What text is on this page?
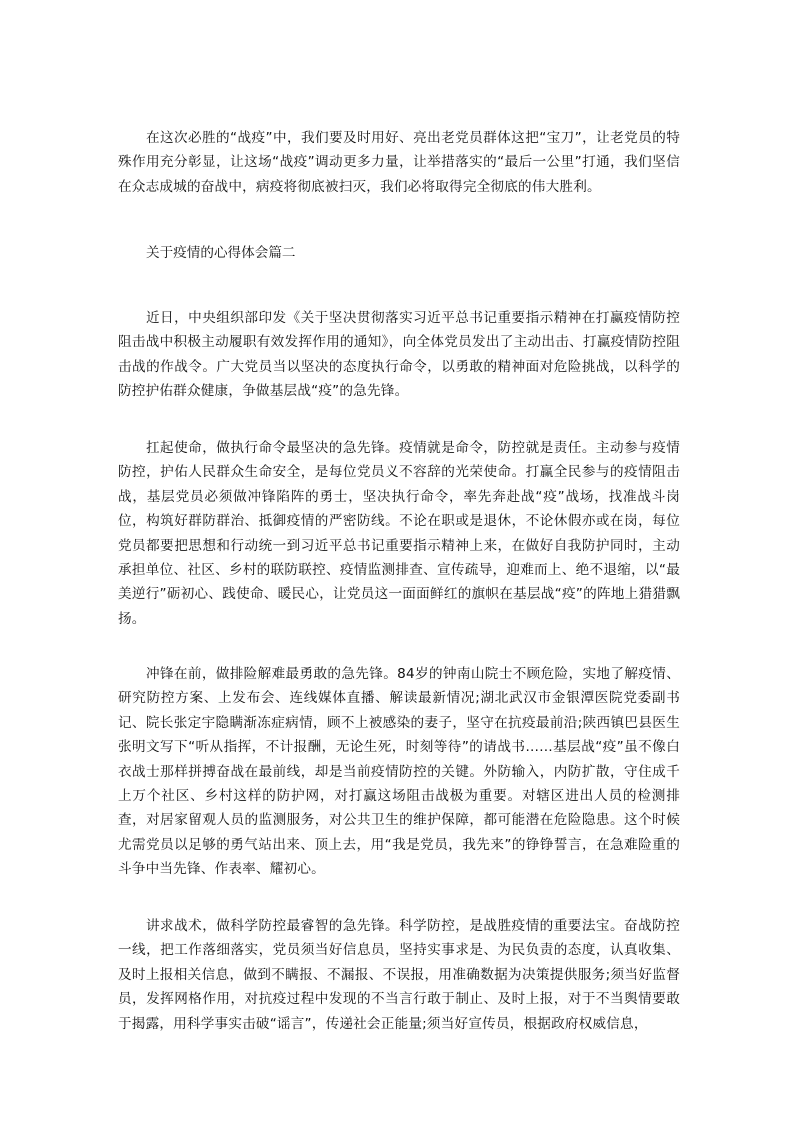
在这次必胜的“战疫”中，我们要及时用好、亮出老党员群体这把“宝刀”，让老党员的特殊作用充分彰显，让这场“战疫”调动更多力量，让举措落实的“最后一公里”打通，我们坚信在众志成城的奋战中，病疫将彻底被扫灭，我们必将取得完全彻底的伟大胜利。

关于疫情的心得体会篇二

近日，中央组织部印发《关于坚决贯彻落实习近平总书记重要指示精神在打赢疫情防控阻击战中积极主动履职有效发挥作用的通知》，向全体党员发出了主动出击、打赢疫情防控阻击战的作战令。广大党员当以坚决的态度执行命令，以勇敢的精神面对危险挑战，以科学的防控护佑群众健康，争做基层战“疫”的急先锋。

扛起使命，做执行命令最坚决的急先锋。疫情就是命令，防控就是责任。主动参与疫情防控，护佑人民群众生命安全，是每位党员义不容辞的光荣使命。打赢全民参与的疫情阻击战，基层党员必须做冲锋陷阵的勇士，坚决执行命令，率先奔赴战“疫”战场，找准战斗岗位，构筑好群防群治、抵御疫情的严密防线。不论在职或是退休，不论休假亦或在岗，每位党员都要把思想和行动统一到习近平总书记重要指示精神上来，在做好自我防护同时，主动承担单位、社区、乡村的联防联控、疫情监测排查、宣传疏导，迎难而上、绝不退缩，以“最美逆行”砺初心、践使命、暖民心，让党员这一面面鲜红的旗帜在基层战“疫”的阵地上猎猎飘扬。

冲锋在前，做排险解难最勇敢的急先锋。84岁的钟南山院士不顾危险，实地了解疫情、研究防控方案、上发布会、连线媒体直播、解读最新情况;湖北武汉市金银潭医院党委副书记、院长张定宇隐瞒渐冻症病情，顾不上被感染的妻子，坚守在抗疫最前沿;陕西镇巴县医生张明文写下“听从指挥，不计报酬，无论生死，时刻等待”的请战书……基层战“疫”虽不像白衣战士那样拼搏奋战在最前线，却是当前疫情防控的关键。外防输入，内防扩散，守住成千上万个社区、乡村这样的防护网，对打赢这场阻击战极为重要。对辖区进出人员的检测排查，对居家留观人员的监测服务，对公共卫生的维护保障，都可能潜在危险隐患。这个时候尤需党员以足够的勇气站出来、顶上去，用“我是党员，我先来”的铮铮誓言，在急难险重的斗争中当先锋、作表率、耀初心。

讲求战术，做科学防控最睿智的急先锋。科学防控，是战胜疫情的重要法宝。奋战防控一线，把工作落细落实，党员须当好信息员，坚持实事求是、为民负责的态度，认真收集、及时上报相关信息，做到不瞒报、不漏报、不误报，用准确数据为决策提供服务;须当好监督员，发挥网格作用，对抗疫过程中发现的不当言行敢于制止、及时上报，对于不当舆情要敢于揭露，用科学事实击破“谣言”，传递社会正能量;须当好宣传员，根据政府权威信息，
